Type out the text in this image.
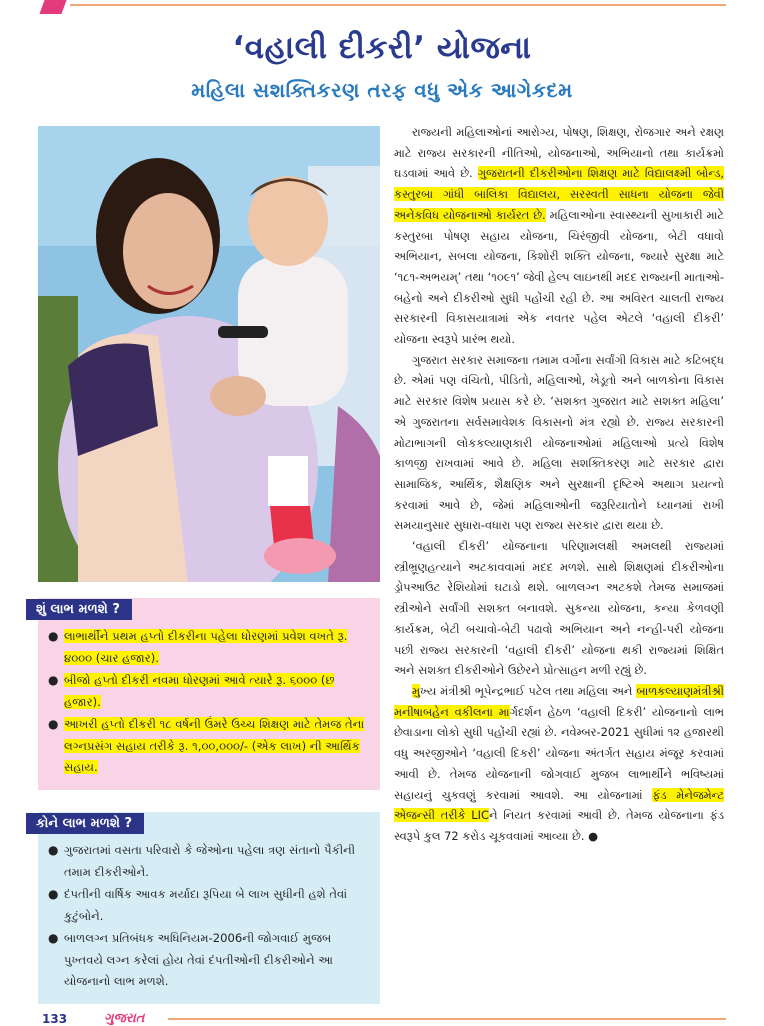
‘વહાલી દીકરી’ યોજના
મહિલા સશક્તિકરણ તરફ વધુ એક આગેકદમ

રાજ્યની મહિલાઓનાં આરોગ્ય, પોષણ, શિક્ષણ, રોજગાર અને રક્ષણ માટે રાજ્ય સરકારની નીતિઓ, યોજનાઓ, અભિયાનો તથા કાર્યક્રમો ઘડવામાં આવે છે. ગુજરાતની દીકરીઓના શિક્ષણ માટે વિદ્યાલક્ષ્મી બોન્ડ, કસ્તુરબા ગાંધી બાલિકા વિદ્યાલય, સરસ્વતી સાધના યોજના જેવી અનેકવિધ યોજનાઓ કાર્યરત છે. મહિલાઓના સ્વાસ્થ્યની સુખાકારી માટે કસ્તુરબા પોષણ સહાય યોજના, ચિરંજીવી યોજના, બેટી વધાવો અભિયાન, સબલા યોજના, કિશોરી શક્તિ યોજના, જ્યારે સુરક્ષા માટે ‘૧૮૧-અભયમ્’ તથા ‘૧૦૯૧’ જેવી હેલ્પ લાઇનથી મદદ રાજ્યની માતાઓ-બહેનો અને દીકરીઓ સુધી પહોંચી રહી છે. આ અવિરત ચાલતી રાજ્ય સરકારની વિકાસયાત્રામાં એક નવતર પહેલ એટલે ‘વહાલી દીકરી’ યોજના સ્વરૂપે પ્રારંભ થયો.

ગુજરાત સરકાર સમાજના તમામ વર્ગોના સર્વાંગી વિકાસ માટે કટિબદ્ધ છે. એમાં પણ વંચિતો, પીડિતો, મહિલાઓ, ખેડૂતો અને બાળકોના વિકાસ માટે સરકાર વિશેષ પ્રયાસ કરે છે. ‘સશક્ત ગુજરાત માટે સશક્ત મહિલા’ એ ગુજરાતના સર્વસમાવેશક વિકાસનો મંત્ર રહ્યો છે. રાજ્ય સરકારની મોટાભાગની લોકકલ્યાણકારી યોજનાઓમાં મહિલાઓ પ્રત્યે વિશેષ કાળજી રાખવામાં આવે છે. મહિલા સશક્તિકરણ માટે સરકાર દ્વારા સામાજિક, આર્થિક, શૈક્ષણિક અને સુરક્ષાની દૃષ્ટિએ અથાગ પ્રયત્નો કરવામાં આવે છે, જેમાં મહિલાઓની જરૂરિયાતોને ધ્યાનમાં રાખી સમયાનુસાર સુધારા-વધારા પણ રાજ્ય સરકાર દ્વારા થયા છે.

‘વહાલી દીકરી’ યોજનાના પરિણામલક્ષી અમલથી રાજ્યમાં સ્ત્રીભ્રૂણહત્યાને અટકાવવામાં મદદ મળશે. સાથે શિક્ષણમાં દીકરીઓના ડ્રોપઆઉટ રેશિયોમાં ઘટાડો થશે. બાળલગ્ન અટકશે તેમજ સમાજમાં સ્ત્રીઓને સર્વાંગી સશક્ત બનાવશે. સુકન્યા યોજના, કન્યા કેળવણી કાર્યક્રમ, બેટી બચાવો-બેટી પઢાવો અભિયાન અને નન્હી-પરી યોજના પછી રાજ્ય સરકારની ‘વહાલી દીકરી’ યોજના થકી રાજ્યમાં શિક્ષિત અને સશક્ત દીકરીઓને ઉછેરને પ્રોત્સાહન મળી રહ્યું છે.

મુખ્ય મંત્રીશ્રી ભૂપેન્દ્રભાઈ પટેલ તથા મહિલા અને બાળકલ્યાણમંત્રીશ્રી મનીષાબહેન વકીલના માર્ગદર્શન હેઠળ ‘વહાલી દિકરી’ યોજનાનો લાભ છેવાડાના લોકો સુધી પહોંચી રહ્યાં છે. નવેમ્બર-2021 સુધીમાં ૧૨ હજારથી વધુ અરજીઓને ‘વહાલી દિકરી’ યોજના અંતર્ગત સહાય મંજૂર કરવામાં આવી છે. તેમજ યોજનાની જોગવાઈ મુજબ લાભાર્થીને ભવિષ્યમાં સહાયનું ચુકવણું કરવામાં આવશે. આ યોજનામાં ફંડ મેનેજમેન્ટ એજન્સી તરીકે LICને નિયત કરવામાં આવી છે. તેમજ યોજનાના ફંડ સ્વરૂપે કુલ 72 કરોડ ચૂકવવામાં આવ્યા છે. ●

શું લાભ મળશે ?
● લાભાર્થીને પ્રથમ હપ્તો દીકરીના પહેલા ધોરણમાં પ્રવેશ વખતે રૂ. ૪૦૦૦ (ચાર હજાર).
● બીજો હપ્તો દીકરી નવમા ધોરણમાં આવે ત્યારે રૂ. ૬૦૦૦ (છ હજાર).
● આખરી હપ્તો દીકરી ૧૮ વર્ષની ઉંમરે ઉચ્ચ શિક્ષણ માટે તેમજ તેના લગ્નપ્રસંગ સહાય તરીકે રૂ. ૧,૦૦,૦૦૦/- (એક લાખ) ની આર્થિક સહાય.
કોને લાભ મળશે ?
● ગુજરાતમાં વસતા પરિવારો કે જેઓના પહેલા ત્રણ સંતાનો પૈકીની તમામ દીકરીઓને.
● દંપતીની વાર્ષિક આવક મર્યાદા રૂપિયા બે લાખ સુધીની હશે તેવાં કુટુંબોને.
● બાળલગ્ન પ્રતિબંધક અધિનિયમ-2006ની જોગવાઈ મુજબ પુખ્તવયે લગ્ન કરેલાં હોય તેવાં દંપતીઓની દીકરીઓને આ યોજનાનો લાભ મળશે.
133	ગુજરાત
